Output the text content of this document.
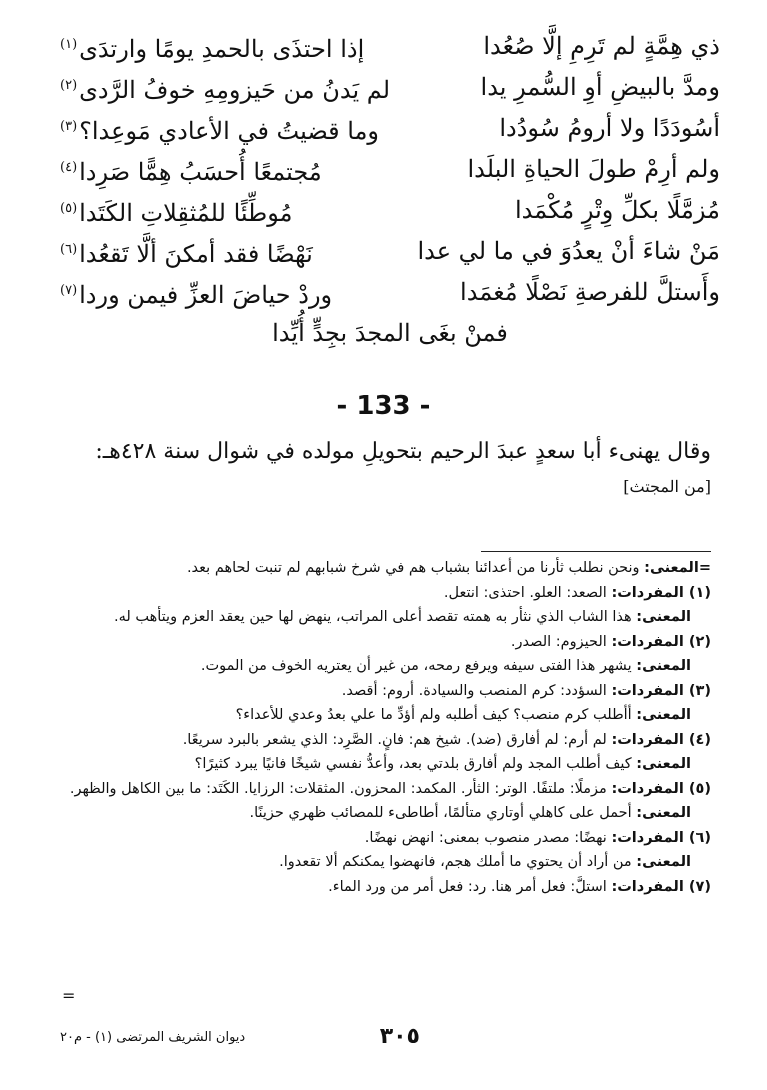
ذي هِمَّةٍ لم تَرِمِ إلَّا صُعُدا
إذا احتذَى بالحمدِ يومًا وارتدَى$^{(١)}$
ومدَّ بالبيضِ أوِ السُّمرِ يدا
لم يَدنُ من حَيزومِهِ خوفُ الرَّدى$^{(٢)}$
أسُودَدًا ولا أرومُ سُودُدا
وما قضيتُ في الأعادي مَوعِدا؟$^{(٣)}$
ولم أرِمْ طولَ الحياةِ البلَدا
مُجتمعًا أُحسَبُ هِمًّا صَرِدا$^{(٤)}$
مُزمَّلًا بكلِّ وِتْرٍ مُكْمَدا
مُوطِّئًا للمُثقِلاتِ الكَتَدا$^{(٥)}$
مَنْ شاءَ أنْ يعدُوَ في ما لي عدا
نَهْضًا فقد أمكنَ ألَّا تَقعُدا$^{(٦)}$
وأَستلَّ للفرصةِ نَصْلًا مُغمَدا
وردْ حياضَ العزِّ فيمن وردا$^{(٧)}$
فمنْ بغَى المجدَ بجِدٍّ أُيِّدا
- 133 -
وقال يهنىء أبا سعدٍ عبدَ الرحيم بتحويلِ مولده في شوال سنة ٤٢٨هـ:
[من المجتث]
=المعنى: ونحن نطلب ثأرنا من أعدائنا بشباب هم في شرخ شبابهم لم تنبت لحاهم بعد.
(١) المفردات: الصعد: العلو. احتذى: انتعل.
المعنى: هذا الشاب الذي نثأر به همته تقصد أعلى المراتب، ينهض لها حين يعقد العزم ويتأهب له.
(٢) المفردات: الحيزوم: الصدر.
المعنى: يشهر هذا الفتى سيفه ويرفع رمحه، من غير أن يعتريه الخوف من الموت.
(٣) المفردات: السؤدد: كرم المنصب والسيادة. أروم: أقصد.
المعنى: أأطلب كرم منصب؟ كيف أطلبه ولم أؤدِّ ما علي بعدُ وعدي للأعداء؟
(٤) المفردات: لم أرم: لم أفارق (ضد). شيخ هم: فانٍ. الصَّرِد: الذي يشعر بالبرد سريعًا.
المعنى: كيف أطلب المجد ولم أفارق بلدتي بعد، وأعدُّ نفسي شيخًا فانيًا يبرد كثيرًا؟
(٥) المفردات: مزملًا: ملتفًا. الوتر: الثأر. المكمد: المحزون. المثقلات: الرزايا. الكَتَد: ما بين الكاهل والظهر.
المعنى: أحمل على كاهلي أوتاري متألمًا، أطاطىء للمصائب ظهري حزينًا.
(٦) المفردات: نهضًا: مصدر منصوب بمعنى: انهض نهضًا.
المعنى: من أراد أن يحتوي ما أملك هجم، فانهضوا يمكنكم ألا تقعدوا.
(٧) المفردات: استلَّ: فعل أمر هنا. رد: فعل أمر من ورد الماء.
=
٣٠٥
ديوان الشريف المرتضى (١) - م٢٠
